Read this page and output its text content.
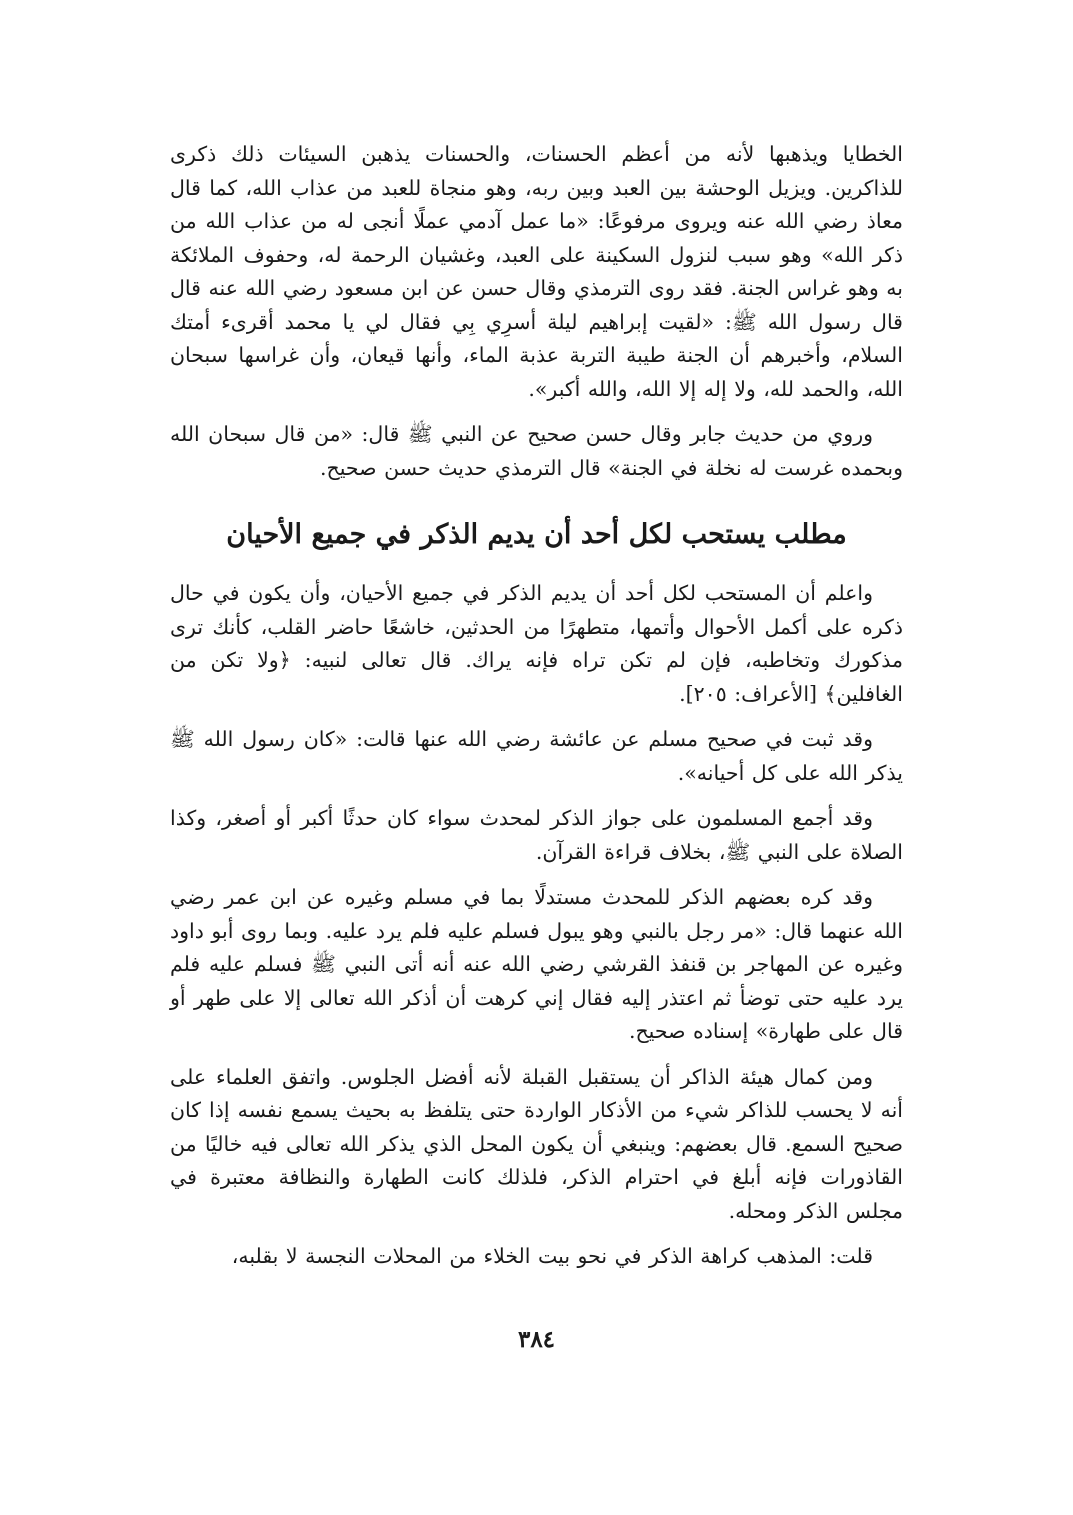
الخطايا ويذهبها لأنه من أعظم الحسنات، والحسنات يذهبن السيئات ذلك ذكرى للذاكرين. ويزيل الوحشة بين العبد وبين ربه، وهو منجاة للعبد من عذاب الله، كما قال معاذ رضي الله عنه ويروى مرفوعًا: «ما عمل آدمي عملًا أنجى له من عذاب الله من ذكر الله» وهو سبب لنزول السكينة على العبد، وغشيان الرحمة له، وحفوف الملائكة به وهو غراس الجنة. فقد روى الترمذي وقال حسن عن ابن مسعود رضي الله عنه قال قال رسول الله ﷺ: «لقيت إبراهيم ليلة أسرِي بِي فقال لي يا محمد أقرىء أمتك السلام، وأخبرهم أن الجنة طيبة التربة عذبة الماء، وأنها قيعان، وأن غراسها سبحان الله، والحمد لله، ولا إله إلا الله، والله أكبر».

وروي من حديث جابر وقال حسن صحيح عن النبي ﷺ قال: «من قال سبحان الله وبحمده غرست له نخلة في الجنة» قال الترمذي حديث حسن صحيح.

مطلب يستحب لكل أحد أن يديم الذكر في جميع الأحيان

واعلم أن المستحب لكل أحد أن يديم الذكر في جميع الأحيان، وأن يكون في حال ذكره على أكمل الأحوال وأتمها، متطهرًا من الحدثين، خاشعًا حاضر القلب، كأنك ترى مذكورك وتخاطبه، فإن لم تكن تراه فإنه يراك. قال تعالى لنبيه: ﴿ولا تكن من الغافلين﴾ [الأعراف: ٢٠٥].

وقد ثبت في صحيح مسلم عن عائشة رضي الله عنها قالت: «كان رسول الله ﷺ يذكر الله على كل أحيانه».

وقد أجمع المسلمون على جواز الذكر لمحدث سواء كان حدثًا أكبر أو أصغر، وكذا الصلاة على النبي ﷺ، بخلاف قراءة القرآن.

وقد كره بعضهم الذكر للمحدث مستدلًا بما في مسلم وغيره عن ابن عمر رضي الله عنهما قال: «مر رجل بالنبي وهو يبول فسلم عليه فلم يرد عليه. وبما روى أبو داود وغيره عن المهاجر بن قنفذ القرشي رضي الله عنه أنه أتى النبي ﷺ فسلم عليه فلم يرد عليه حتى توضأ ثم اعتذر إليه فقال إني كرهت أن أذكر الله تعالى إلا على طهر أو قال على طهارة» إسناده صحيح.

ومن كمال هيئة الذاكر أن يستقبل القبلة لأنه أفضل الجلوس. واتفق العلماء على أنه لا يحسب للذاكر شيء من الأذكار الواردة حتى يتلفظ به بحيث يسمع نفسه إذا كان صحيح السمع. قال بعضهم: وينبغي أن يكون المحل الذي يذكر الله تعالى فيه خاليًا من القاذورات فإنه أبلغ في احترام الذكر، فلذلك كانت الطهارة والنظافة معتبرة في مجلس الذكر ومحله.

قلت: المذهب كراهة الذكر في نحو بيت الخلاء من المحلات النجسة لا بقلبه،

٣٨٤
